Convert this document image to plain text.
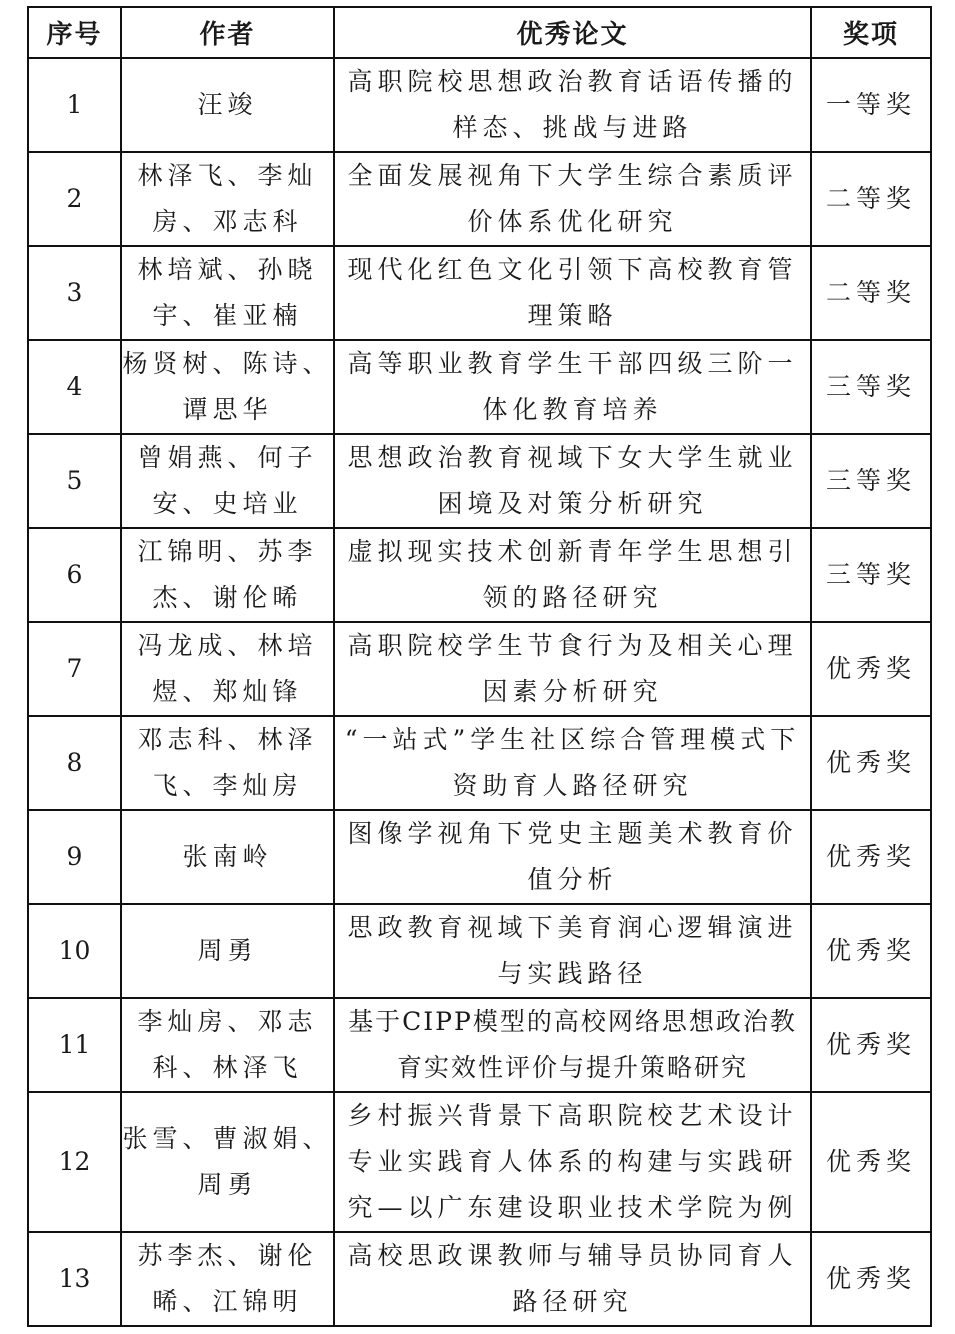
序号	作者	优秀论文	奖项
1	汪竣	高职院校思想政治教育话语传播的样态、挑战与进路	一等奖
2	林泽飞、李灿房、邓志科	全面发展视角下大学生综合素质评价体系优化研究	二等奖
3	林培斌、孙晓宇、崔亚楠	现代化红色文化引领下高校教育管理策略	二等奖
4	杨贤树、陈诗、谭思华	高等职业教育学生干部四级三阶一体化教育培养	三等奖
5	曾娟燕、何子安、史培业	思想政治教育视域下女大学生就业困境及对策分析研究	三等奖
6	江锦明、苏李杰、谢伦晞	虚拟现实技术创新青年学生思想引领的路径研究	三等奖
7	冯龙成、林培煜、郑灿锋	高职院校学生节食行为及相关心理因素分析研究	优秀奖
8	邓志科、林泽飞、李灿房	“一站式”学生社区综合管理模式下资助育人路径研究	优秀奖
9	张南岭	图像学视角下党史主题美术教育价值分析	优秀奖
10	周勇	思政教育视域下美育润心逻辑演进与实践路径	优秀奖
11	李灿房、邓志科、林泽飞	基于CIPP模型的高校网络思想政治教育实效性评价与提升策略研究	优秀奖
12	张雪、曹淑娟、周勇	乡村振兴背景下高职院校艺术设计专业实践育人体系的构建与实践研究—以广东建设职业技术学院为例	优秀奖
13	苏李杰、谢伦晞、江锦明	高校思政课教师与辅导员协同育人路径研究	优秀奖
